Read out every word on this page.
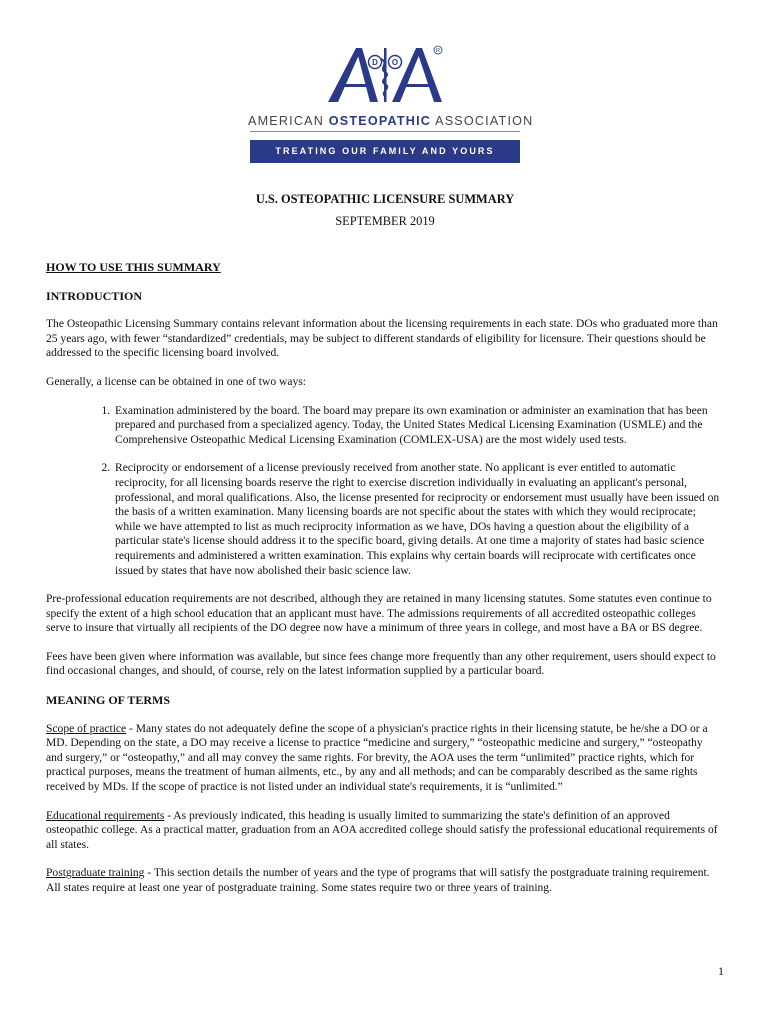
D O
R
AMERICAN OSTEOPATHIC ASSOCIATION
TREATING OUR FAMILY AND YOURS
U.S. OSTEOPATHIC LICENSURE SUMMARY
SEPTEMBER 2019
HOW TO USE THIS SUMMARY
INTRODUCTION

The Osteopathic Licensing Summary contains relevant information about the licensing requirements in each state. DOs who graduated more than 25 years ago, with fewer “standardized” credentials, may be subject to different standards of eligibility for licensure. Their questions should be addressed to the specific licensing board involved.

Generally, a license can be obtained in one of two ways:

1. Examination administered by the board. The board may prepare its own examination or administer an examination that has been prepared and purchased from a specialized agency. Today, the United States Medical Licensing Examination (USMLE) and the Comprehensive Osteopathic Medical Licensing Examination (COMLEX-USA) are the most widely used tests.
2. Reciprocity or endorsement of a license previously received from another state. No applicant is ever entitled to automatic reciprocity, for all licensing boards reserve the right to exercise discretion individually in evaluating an applicant's personal, professional, and moral qualifications. Also, the license presented for reciprocity or endorsement must usually have been issued on the basis of a written examination. Many licensing boards are not specific about the states with which they would reciprocate; while we have attempted to list as much reciprocity information as we have, DOs having a question about the eligibility of a particular state's license should address it to the specific board, giving details. At one time a majority of states had basic science requirements and administered a written examination. This explains why certain boards will reciprocate with certificates once issued by states that have now abolished their basic science law.

Pre-professional education requirements are not described, although they are retained in many licensing statutes. Some statutes even continue to specify the extent of a high school education that an applicant must have. The admissions requirements of all accredited osteopathic colleges serve to insure that virtually all recipients of the DO degree now have a minimum of three years in college, and most have a BA or BS degree.

Fees have been given where information was available, but since fees change more frequently than any other requirement, users should expect to find occasional changes, and should, of course, rely on the latest information supplied by a particular board.

MEANING OF TERMS

Scope of practice - Many states do not adequately define the scope of a physician's practice rights in their licensing statute, be he/she a DO or a MD. Depending on the state, a DO may receive a license to practice “medicine and surgery,” “osteopathic medicine and surgery,” “osteopathy and surgery,” or “osteopathy,” and all may convey the same rights. For brevity, the AOA uses the term “unlimited” practice rights, which for practical purposes, means the treatment of human ailments, etc., by any and all methods; and can be comparably described as the same rights received by MDs. If the scope of practice is not listed under an individual state's requirements, it is “unlimited.”

Educational requirements - As previously indicated, this heading is usually limited to summarizing the state's definition of an approved osteopathic college. As a practical matter, graduation from an AOA accredited college should satisfy the professional educational requirements of all states.

Postgraduate training - This section details the number of years and the type of programs that will satisfy the postgraduate training requirement. All states require at least one year of postgraduate training. Some states require two or three years of training.

1
